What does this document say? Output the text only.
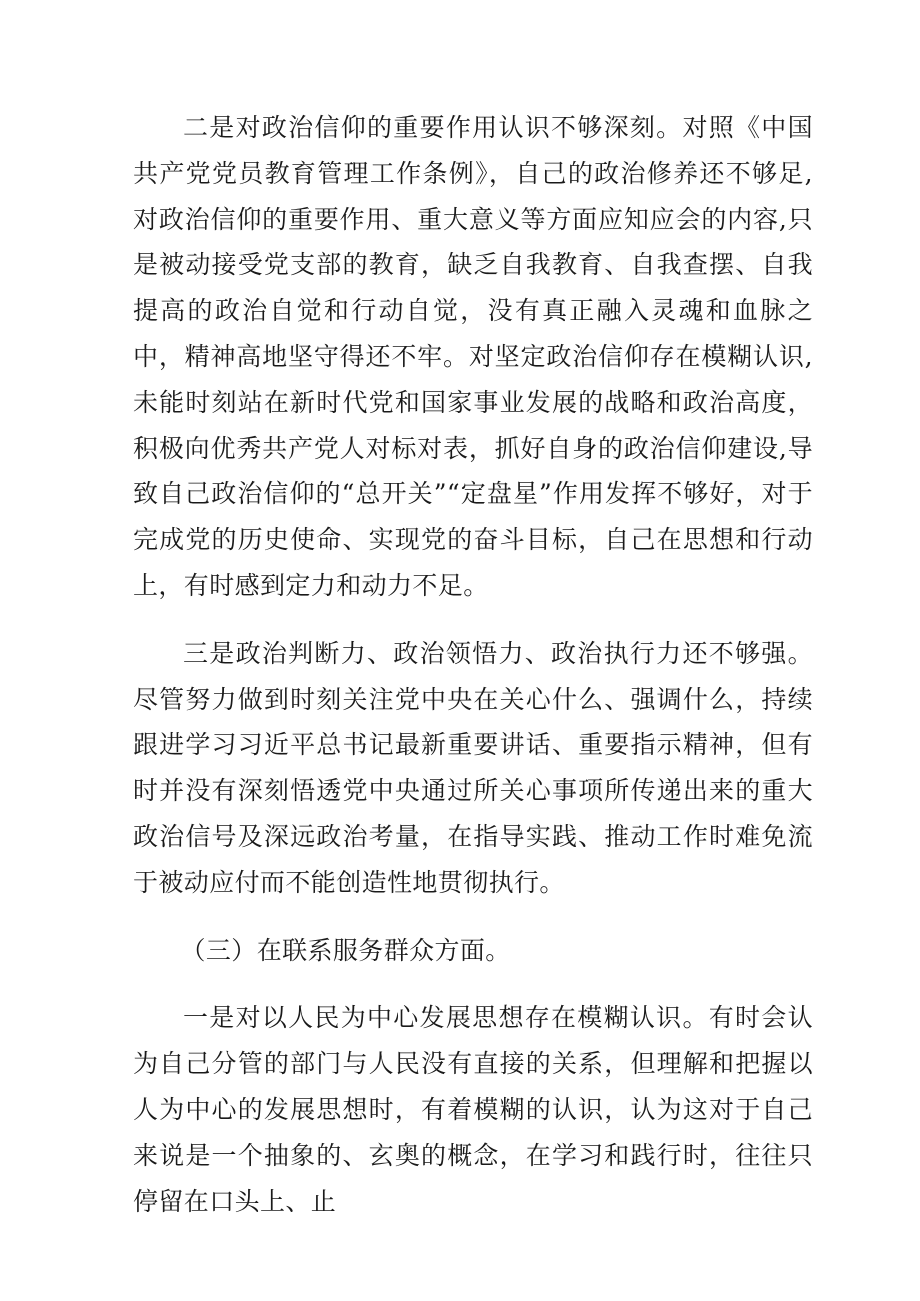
二是对政治信仰的重要作用认识不够深刻。对照《中国共产党党员教育管理工作条例》，自己的政治修养还不够足,对政治信仰的重要作用、重大意义等方面应知应会的内容,只是被动接受党支部的教育，缺乏自我教育、自我查摆、自我提高的政治自觉和行动自觉，没有真正融入灵魂和血脉之中，精神高地坚守得还不牢。对坚定政治信仰存在模糊认识,未能时刻站在新时代党和国家事业发展的战略和政治高度，积极向优秀共产党人对标对表，抓好自身的政治信仰建设,导致自己政治信仰的“总开关”“定盘星”作用发挥不够好，对于完成党的历史使命、实现党的奋斗目标，自己在思想和行动上，有时感到定力和动力不足。

三是政治判断力、政治领悟力、政治执行力还不够强。尽管努力做到时刻关注党中央在关心什么、强调什么，持续跟进学习习近平总书记最新重要讲话、重要指示精神，但有时并没有深刻悟透党中央通过所关心事项所传递出来的重大政治信号及深远政治考量，在指导实践、推动工作时难免流于被动应付而不能创造性地贯彻执行。

（三）在联系服务群众方面。

一是对以人民为中心发展思想存在模糊认识。有时会认为自己分管的部门与人民没有直接的关系，但理解和把握以人为中心的发展思想时，有着模糊的认识，认为这对于自己来说是一个抽象的、玄奥的概念，在学习和践行时，往往只停留在口头上、止
